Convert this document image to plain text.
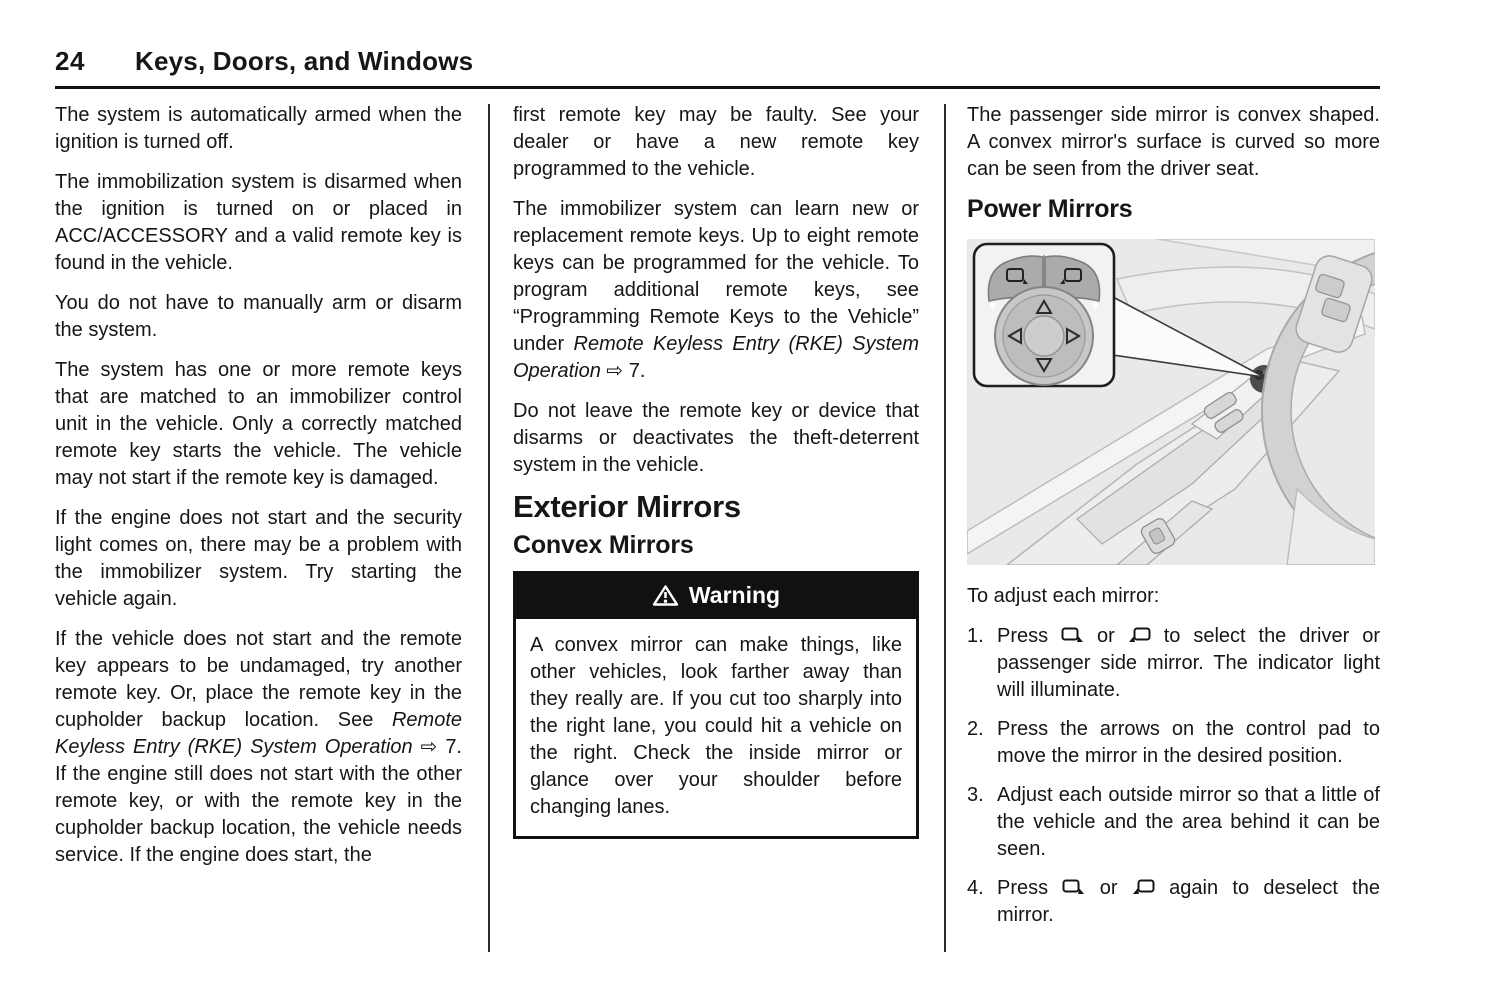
24	Keys, Doors, and Windows

The system is automatically armed when the ignition is turned off.

The immobilization system is disarmed when the ignition is turned on or placed in ACC/ACCESSORY and a valid remote key is found in the vehicle.

You do not have to manually arm or disarm the system.

The system has one or more remote keys that are matched to an immobilizer control unit in the vehicle. Only a correctly matched remote key starts the vehicle. The vehicle may not start if the remote key is damaged.

If the engine does not start and the security light comes on, there may be a problem with the immobilizer system. Try starting the vehicle again.

If the vehicle does not start and the remote key appears to be undamaged, try another remote key. Or, place the remote key in the cupholder backup location. See Remote Keyless Entry (RKE) System Operation ⇨ 7. If the engine still does not start with the other remote key, or with the remote key in the cupholder backup location, the vehicle needs service. If the engine does start, the

first remote key may be faulty. See your dealer or have a new remote key programmed to the vehicle.

The immobilizer system can learn new or replacement remote keys. Up to eight remote keys can be programmed for the vehicle. To program additional remote keys, see “Programming Remote Keys to the Vehicle” under Remote Keyless Entry (RKE) System Operation ⇨ 7.

Do not leave the remote key or device that disarms or deactivates the theft-deterrent system in the vehicle.

Exterior Mirrors
Convex Mirrors
Warning
A convex mirror can make things, like other vehicles, look farther away than they really are. If you cut too sharply into the right lane, you could hit a vehicle on the right. Check the inside mirror or glance over your shoulder before changing lanes.

The passenger side mirror is convex shaped. A convex mirror's surface is curved so more can be seen from the driver seat.

Power Mirrors

To adjust each mirror:

1. Press  or  to select the driver or passenger side mirror. The indicator light will illuminate.
2. Press the arrows on the control pad to move the mirror in the desired position.
3. Adjust each outside mirror so that a little of the vehicle and the area behind it can be seen.
4. Press  or  again to deselect the mirror.
